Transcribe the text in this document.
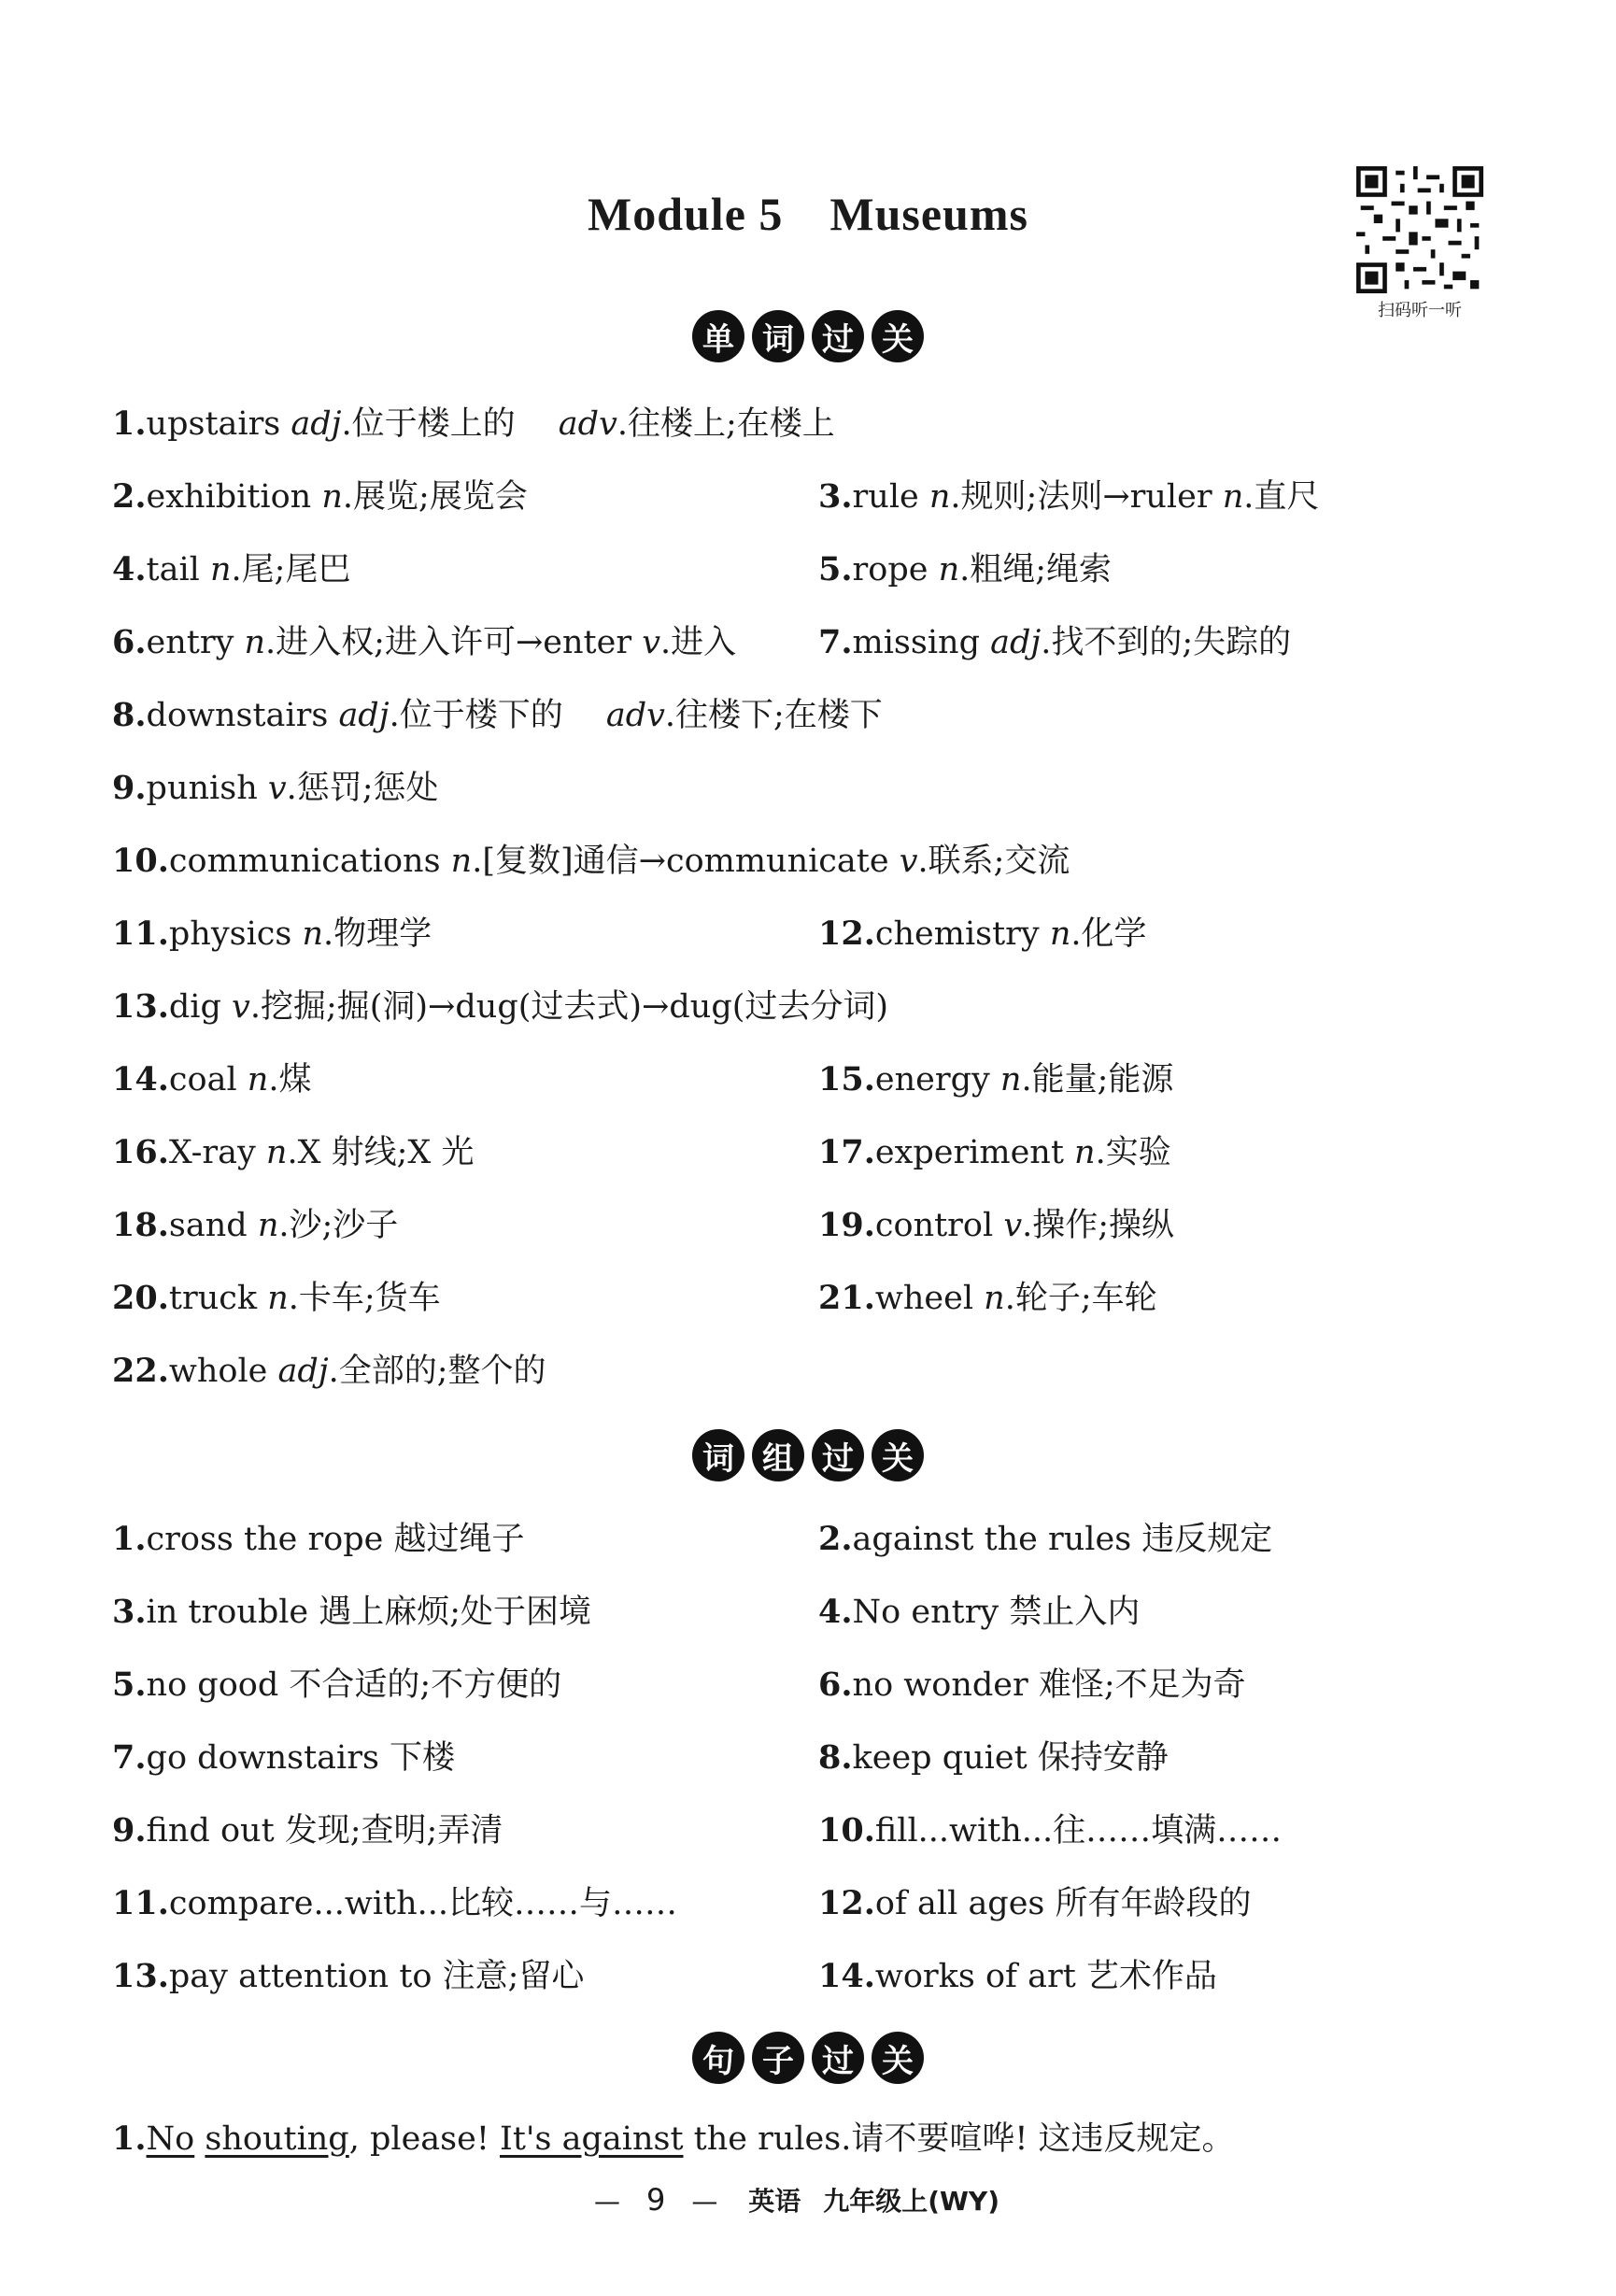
Module 5 Museums
扫码听一听
单 词 过 关
1.upstairs adj.位于楼上的 　adv.往楼上;在楼上
2.exhibition n.展览;展览会	3.rule n.规则;法则→ruler n.直尺
4.tail n.尾;尾巴	5.rope n.粗绳;绳索
6.entry n.进入权;进入许可→enter v.进入	7.missing adj.找不到的;失踪的
8.downstairs adj.位于楼下的 　adv.往楼下;在楼下
9.punish v.惩罚;惩处
10.communications n.[复数]通信→communicate v.联系;交流
11.physics n.物理学	12.chemistry n.化学
13.dig v.挖掘;掘(洞)→dug(过去式)→dug(过去分词)
14.coal n.煤	15.energy n.能量;能源
16.X-ray n.X 射线;X 光	17.experiment n.实验
18.sand n.沙;沙子	19.control v.操作;操纵
20.truck n.卡车;货车	21.wheel n.轮子;车轮
22.whole adj.全部的;整个的
词 组 过 关
1.cross the rope 越过绳子	2.against the rules 违反规定
3.in trouble 遇上麻烦;处于困境	4.No entry 禁止入内
5.no good 不合适的;不方便的	6.no wonder 难怪;不足为奇
7.go downstairs 下楼	8.keep quiet 保持安静
9.find out 发现;查明;弄清	10.fill...with...往……填满……
11.compare...with...比较……与……	12.of all ages 所有年龄段的
13.pay attention to 注意;留心	14.works of art 艺术作品
句 子 过 关
1.No shouting, please! It's against the rules.请不要喧哗! 这违反规定。
— 9 — 英语 九年级上(WY)
